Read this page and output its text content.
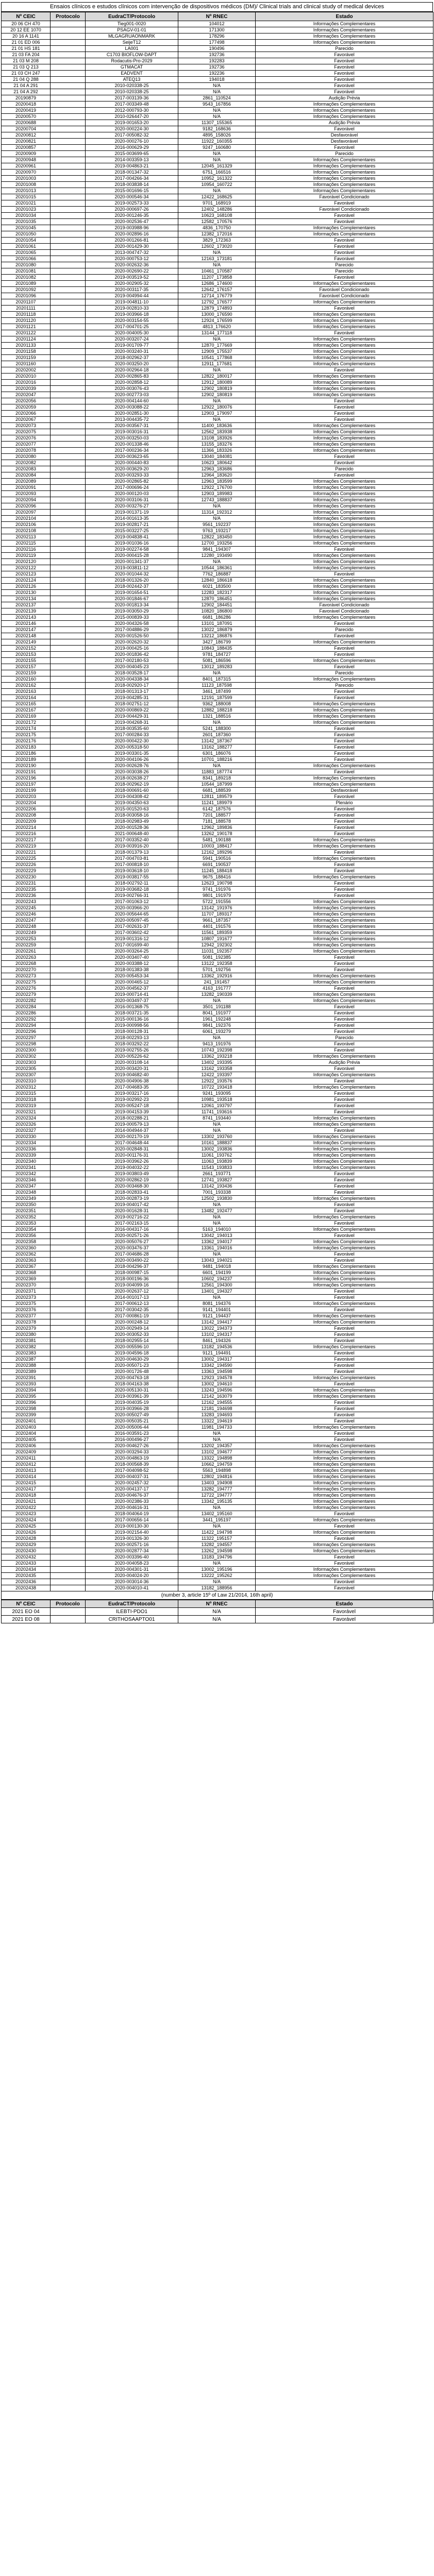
Ensaios clínicos e estudos clínicos com intervenção de dispositivos médicos (DM)/ Clinical trials and clinical study of medical devices
Nº CEIC	Protocolo	EudraCT/Protocolo	Nº RNEC	Estado
20 06 CH 470		Tieg001-0020	104012	Informações Complementares
20 12 EE 1070		PSAGV-01-01	171300	Informações Complementares
20 16 A 1141		MLGAGRUAONMARK	178296	Informações Complementares
21 01 ED 006		SeijeT12	177498	Informações Complementares
21 01 HS 181		LA001	190496	Parecido
21 03 FA 204		C1703 BIOFLOW-DAPT	192736	Favorável
21 03 M 208		Rodacutis-Pro-2029	192283	Favorável
21 03 Q 213		GTMACAT	192736	Favorável
21 03 CH 247		EADVENT	192236	Favorável
21 04 Q 288		ATEQ13	194018	Favorável
21 04 A 291		2010-020338-25	N/A	Favorável
21 04 A 292		2010-020338-25	N/A	Favorável
20190879		2017-003139-36	2861_110524	Audição Prévia
20200418		2017-003349-48	9543_167856	Informações Complementares
20200419		2012-000793-30	N/A	Informações Complementares
20200570		2010-026447-20	N/A	Informações Complementares
20200688		2019-001653-20	11307_155365	Audição Prévia
20200704		2020-000224-30	9182_168636	Favorável
20200812		2017-005082-32	4895_158026	Desfavorável
20200821		2020-000276-10	11922_160355	Desfavorável
20200857		2016-000629-29	9247_160680	Favorável
20200909		2015-003699-65	N/A	Parecido
20200948		2014-003359-13	N/A	Informações Complementares
20200961		2019-004863-21	12045_161329	Informações Complementares
20200970		2018-001347-32	6751_166516	Informações Complementares
20201003		2017-004266-34	10952_161322	Informações Complementares
20201008		2018-003838-14	10954_160722	Informações Complementares
20201013		2015-001696-15	N/A	Informações Complementares
20201015		2020-000546-34	12422_168625	Favorável Condicionado
20201021		2019-002573-33	9701_168919	Favorável
20201023		2020-000697-26	12402_148286	Favorável Condicionado
20201034		2020-001246-35	10623_168108	Favorável
20201035		2020-002536-47	12582_170576	Favorável
20201045		2019-003988-96	4836_170750	Informações Complementares
20201050		2020-002896-16	12382_172016	Informações Complementares
20201054		2020-001266-81	3829_172363	Favorável
20201061		2020-001429-30	12602_173020	Favorável
20201065		2013-004747-32	N/A	Favorável
20201066		2020-000753-12	12163_173181	Favorável
20201080		2020-002632-36	N/A	Parecido
20201081		2020-002690-22	10461_170587	Parecido
20201082		2019-003519-52	11207_173858	Favorável
20201089		2020-002905-32	12686_174600	Informações Complementares
20201092		2020-003117-35	12642_176157	Favorável Condicionado
20201096		2019-004994-44	12714_176779	Favorável Condicionado
20201107		2019-004811-10	12792_176577	Informações Complementares
20201111		2019-002810-33	12879_174893	Favorável
20201118		2019-003966-18	13000_176590	Informações Complementares
20201120		2020-003154-55	12924_176599	Informações Complementares
20201121		2017-004701-25	4813_176620	Informações Complementares
20201122		2020-004005-30	13144_177118	Favorável
20201124		2020-003207-24	N/A	Informações Complementares
20201133		2019-001709-77	12870_177669	Informações Complementares
20201158		2020-003240-31	12909_175537	Informações Complementares
20201159		2018-002962-37	10541_177868	Informações Complementares
20201160		2020-003250-20	12911_177681	Informações Complementares
20202002		2020-002964-18	N/A	Favorável
20202010		2020-002865-83	12822_180017	Informações Complementares
20202016		2020-002858-12	12912_180089	Informações Complementares
20202039		2020-003076-43	12902_180819	Informações Complementares
20202047		2020-002773-03	12902_180819	Informações Complementares
20202056		2020-004144-60	N/A	Favorável
20202059		2020-003088-22	12922_180076	Favorável
20202066		2020-002851-30	12903_179097	Favorável
20202067		2013-004435-72	N/A	Favorável
20202073		2020-003567-31	11400_183636	Informações Complementares
20202075		2019-003016-31	12562_183938	Informações Complementares
20202076		2020-003250-03	13108_183926	Informações Complementares
20202077		2020-001338-46	13155_183276	Informações Complementares
20202078		2017-000236-34	11366_183326	Informações Complementares
20202080		2020-003623-65	13040_184081	Favorável
20202082		2020-000440-83	10623_180642	Favorável
20202083		2020-003629-20	12963_183686	Parecido
20202084		2020-003293-33	12964_183620	Favorável
20202089		2020-002865-82	12963_183599	Informações Complementares
20202091		2017-000696-24	12922_176700	Informações Complementares
20202093		2020-000120-03	12903_189983	Informações Complementares
20202094		2020-003106-31	12743_188837	Informações Complementares
20202096		2020-003276-27	N/A	Informações Complementares
20202097		2019-001371-19	11314_192312	Informações Complementares
20202104		2014-001613-35	N/A	Informações Complementares
20202106		2019-002817-21	9561_192237	Informações Complementares
20202108		2015-003227-25	9763_193217	Informações Complementares
20202113		2019-004838-41	12822_183450	Informações Complementares
20202115		2019-001036-16	12700_193256	Informações Complementares
20202116		2019-002274-58	9841_194307	Favorável
20202119		2020-000415-28	12280_193490	Informações Complementares
20202120		2020-001341-37	N/A	Informações Complementares
20202122		2019-003811-12	10544_186361	Informações Complementares
20202123		2020-001044-32	7762_186887	Favorável
20202124		2018-001326-20	12840_186618	Informações Complementares
20202126		2018-002442-37	6021_183500	Informações Complementares
20202130		2019-001654-51	12283_182317	Informações Complementares
20202134		2020-001846-67	12870_186451	Informações Complementares
20202137		2020-001813-34	12902_184451	Favorável Condicionado
20202139		2019-003050-29	10820_186800	Favorável Condicionado
20202143		2015-000839-33	6681_186286	Informações Complementares
20202146		2020-004326-58	13101_187091	Favorável
20202147		2017-004886-29	13022_186879	Parecido
20202148		2020-001526-50	13212_186876	Favorável
20202149		2020-002620-32	3427_186799	Informações Complementares
20202152		2019-000425-16	10843_188435	Favorável
20202153		2020-001836-42	9781_184727	Favorável
20202155		2017-002180-53	5081_186596	Informações Complementares
20202157		2020-004045-23	13012_189283	Favorável
20202159		2018-003528-17	N/A	Parecido
20202160		2020-004338-34	8401_187315	Informações Complementares
20202162		2018-002920-17	11123_187598	Parecido
20202163		2018-001313-17	3461_187499	Favorável
20202164		2019-004285-31	12191_187599	Favorável
20202165		2018-002751-12	9362_188008	Informações Complementares
20202167		2020-000869-22	12882_188218	Informações Complementares
20202169		2019-004429-31	1321_188516	Informações Complementares
20202172		2019-004268-31	N/A	Informações Complementares
20202174		2018-003535-60	5241_188300	Favorável
20202175		2017-000284-33	2601_187360	Favorável
20202176		2020-000422-30	13142_187367	Favorável
20202183		2020-005318-50	13162_188277	Favorável
20202186		2019-003301-35	6301_186076	Favorável
20202189		2020-004106-26	10701_188216	Favorável
20202190		2020-002628-76	N/A	Informações Complementares
20202191		2020-003038-26	11883_187774	Favorável
20202196		2018-002638-27	8341_189218	Informações Complementares
20202197		2018-002962-19	10544_187999	Informações Complementares
20202199		2018-000691-60	6681_188539	Desfavorável
20202203		2019-004308-42	12811_189579	Favorável
20202204		2019-004350-63	11241_189979	Plenário
20202206		2015-001520-63	6142_187576	Favorável
20202208		2018-003058-16	7201_188577	Favorável
20202209		2018-002983-49	7181_188578	Favorável
20202214		2020-001528-36	12962_189836	Favorável
20202216		2021-000648-40	13262_190178	Favorável
20202217		2017-003352-40	5481_190188	Informações Complementares
20202219		2019-003916-20	10003_188417	Informações Complementares
20202221		2018-001379-13	12162_189296	Favorável
20202225		2017-004703-81	5941_190516	Informações Complementares
20202226		2017-000818-10	6691_190537	Favorável
20202229		2019-003618-10	11245_188418	Favorável
20202230		2019-003817-55	9675_188416	Informações Complementares
20202231		2018-002792-11	12623_190798	Favorável
20202235		2019-003682-18	9741_191976	Favorável
20202236		2019-002766-31	9801_191979	Favorável
20202243		2017-001063-12	5722_191556	Informações Complementares
20202245		2020-003966-20	13142_191976	Informações Complementares
20202246		2020-005644-65	11707_189317	Informações Complementares
20202247		2020-005097-45	9661_187357	Informações Complementares
20202248		2017-002631-37	4401_191576	Informações Complementares
20202249		2017-003602-42	11561_189359	Informações Complementares
20202253		2019-001316-12	10807_191677	Informações Complementares
20202259		2017-001699-40	12942_192302	Informações Complementares
20202261		2020-003264-25	11031_192357	Informações Complementares
20202263		2020-003407-40	5081_192385	Favorável
20202268		2020-003388-12	13122_192358	Favorável
20202270		2018-001383-38	5701_192756	Favorável
20202273		2020-005453-34	13362_192916	Informações Complementares
20202275		2020-000465-12	241_191457	Informações Complementares
20202276		2020-004562-37	4163_191777	Favorável
20202279		2019-000714-41	13282_190339	Informações Complementares
20202282		2020-003497-37	N/A	Informações Complementares
20202284		2016-001368-75	3501_191188	Favorável
20202286		2018-003721-35	8041_191977	Favorável
20202292		2015-000136-16	1961_192248	Favorável
20202294		2019-000998-56	9841_192376	Favorável
20202296		2018-000128-31	6061_193279	Favorável
20202297		2018-002293-13	N/A	Parecido
20202298		2018-003292-22	9413_191976	Favorável
20202300		2019-002755-26	10743_192398	Favorável
20202302		2020-005226-62	13362_193218	Informações Complementares
20202303		2020-003108-14	13402_193395	Audição Prévia
20202305		2020-003420-31	13162_193358	Favorável
20202307		2019-004682-40	12422_193397	Informações Complementares
20202310		2020-004906-38	12922_193576	Favorável
20202312		2017-004683-35	10722_193418	Informações Complementares
20202315		2019-003217-16	9241_193095	Favorável
20202318		2019-002992-23	10981_193518	Favorável
20202319		2020-005247-18	12061_193797	Favorável
20202321		2019-004153-39	11741_193616	Favorável
20202324		2018-002288-21	8741_193440	Informações Complementares
20202326		2019-000579-13	N/A	Informações Complementares
20202327		2014-004944-37	N/A	Favorável
20202330		2020-002170-19	13302_193760	Informações Complementares
20202334		2017-004648-44	10161_188837	Informações Complementares
20202336		2020-002848-31	13002_193836	Informações Complementares
20202339		2020-001176-31	11061_193762	Informações Complementares
20202340		2019-003962-26	11063_193839	Informações Complementares
20202341		2019-004032-22	11543_193833	Informações Complementares
20202342		2019-003803-49	2661_193771	Favorável
20202346		2020-002862-19	12741_193827	Favorável
20202347		2020-003468-30	13142_193436	Favorável
20202348		2018-002833-41	7001_193338	Favorável
20202349		2020-002873-19	12502_193830	Informações Complementares
20202350		2019-004017-42	N/A	Favorável
20202351		2020-001628-31	13482_192477	Favorável
20202352		2019-002716-22	N/A	Informações Complementares
20202353		2017-002163-15	N/A	Favorável
20202354		2016-004317-16	5163_194010	Informações Complementares
20202356		2020-002571-26	13042_194013	Favorável
20202358		2020-005076-27	13362_194017	Informações Complementares
20202360		2020-003476-37	13361_194016	Informações Complementares
20202362		2017-004686-28	N/A	Favorável
20202363		2020-003490-22	13043_194021	Favorável
20202367		2018-004296-37	9481_194018	Informações Complementares
20202368		2018-000987-15	6601_194199	Informações Complementares
20202369		2018-000196-36	10602_194237	Informações Complementares
20202370		2019-004099-16	12561_194300	Informações Complementares
20202371		2020-002637-12	13401_194327	Favorável
20202373		2014-001017-13	N/A	Favorável
20202375		2017-000612-13	8081_194376	Informações Complementares
20202376		2017-003042-35	9141_194401	Favorável
20202377		2017-000861-19	9121_194437	Informações Complementares
20202378		2020-000248-12	13142_194417	Informações Complementares
20202379		2020-002949-14	13022_194373	Favorável
20202380		2020-003052-33	13102_194317	Favorável
20202381		2018-002955-14	8461_194326	Favorável
20202382		2020-005596-10	13182_194536	Informações Complementares
20202383		2019-004596-18	9121_194491	Favorável
20202387		2020-004630-29	13002_194317	Favorável
20202388		2020-005071-23	13342_194590	Favorável
20202389		2020-001726-48	13363_194598	Favorável
20202391		2020-004763-18	12923_194578	Informações Complementares
20202393		2018-004163-38	13002_194610	Favorável
20202394		2020-005130-31	13243_194596	Informações Complementares
20202395		2019-003961-39	12142_163079	Informações Complementares
20202396		2019-004035-19	12162_194555	Favorável
20202398		2019-003966-28	12181_194698	Favorável
20202399		2020-005027-49	13283_194693	Favorável
20202401		2020-005035-21	13322_194619	Favorável
20202403		2020-005006-44	11981_194733	Informações Complementares
20202404		2016-003591-23	N/A	Favorável
20202405		2016-000496-27	N/A	Favorável
20202406		2020-004627-26	13202_194357	Informações Complementares
20202409		2020-003294-33	13102_194677	Informações Complementares
20202411		2020-004863-19	13322_194898	Informações Complementares
20202412		2018-000568-39	10662_194759	Informações Complementares
20202413		2017-004098-52	5563_194898	Informações Complementares
20202414		2020-004037-31	12802_194816	Informações Complementares
20202415		2020-002457-32	13403_194908	Informações Complementares
20202417		2020-004137-17	13282_194777	Informações Complementares
20202418		2020-004676-37	12722_194777	Informações Complementares
20202421		2020-002386-33	13342_195135	Informações Complementares
20202422		2020-004616-31	N/A	Informações Complementares
20202423		2018-004064-19	13402_195160	Favorável
20202424		2017-000656-14	3441_195197	Informações Complementares
20202425		2019-000130-30	N/A	Favorável
20202426		2019-002154-40	11422_194798	Informações Complementares
20202428		2019-001326-30	11322_195157	Favorável
20202429		2020-002571-16	13282_194557	Informações Complementares
20202430		2020-002877-34	13262_194598	Informações Complementares
20202432		2020-003396-40	13183_194796	Favorável
20202433		2020-004058-23	N/A	Favorável
20202434		2020-004301-31	13002_195196	Informações Complementares
20202435		2020-004024-20	13222_195262	Informações Complementares
20202436		2020-003014-36	N/A	Favorável
20202438		2020-004010-41	13182_188956	Favorável
(number 3, article 15º of Law 21/2014, 16th april)
Nº CEIC	Protocolo	EudraCT/Protocolo	Nº RNEC	Estado
2021 EO 04		ILEBTI-PDO1	N/A	Favorável
2021 EO 08		CRITHOSAAPTO01	N/A	Favorável
